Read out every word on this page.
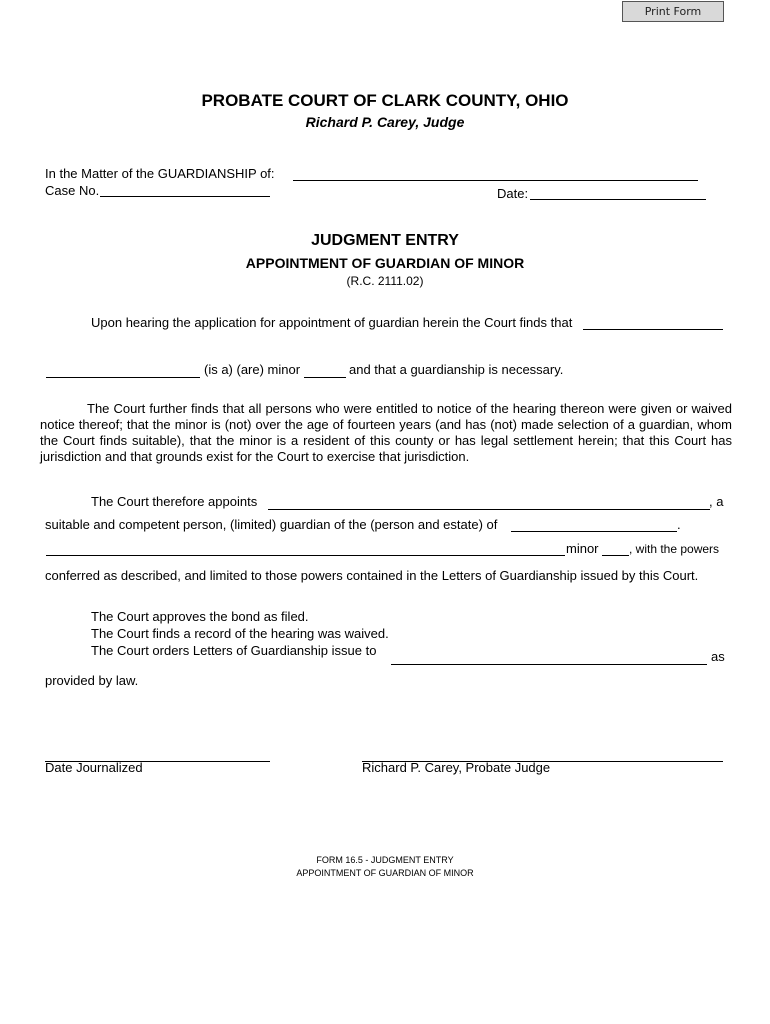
Print Form
PROBATE COURT OF CLARK COUNTY, OHIO
Richard P. Carey, Judge
In the Matter of the GUARDIANSHIP of:
Case No.	Date:
JUDGMENT ENTRY
APPOINTMENT OF GUARDIAN OF MINOR
(R.C. 2111.02)
Upon hearing the application for appointment of guardian herein the Court finds that
(is a) (are) minor	and that a guardianship is necessary.
The Court further finds that all persons who were entitled to notice of the hearing thereon were given or waived notice thereof; that the minor is (not) over the age of fourteen years (and has (not) made selection of a guardian, whom the Court finds suitable), that the minor is a resident of this county or has legal settlement herein; that this Court has jurisdiction and that grounds exist for the Court to exercise that jurisdiction.
The Court therefore appoints	, a
suitable and competent person, (limited) guardian of the (person and estate) of	.
minor	, with the powers
conferred as described, and limited to those powers contained in the Letters of Guardianship issued by this Court.
The Court approves the bond as filed.
The Court finds a record of the hearing was waived.
The Court orders Letters of Guardianship issue to	as
provided by law.
Date Journalized	Richard P. Carey, Probate Judge
FORM 16.5 - JUDGMENT ENTRY
APPOINTMENT OF GUARDIAN OF MINOR
